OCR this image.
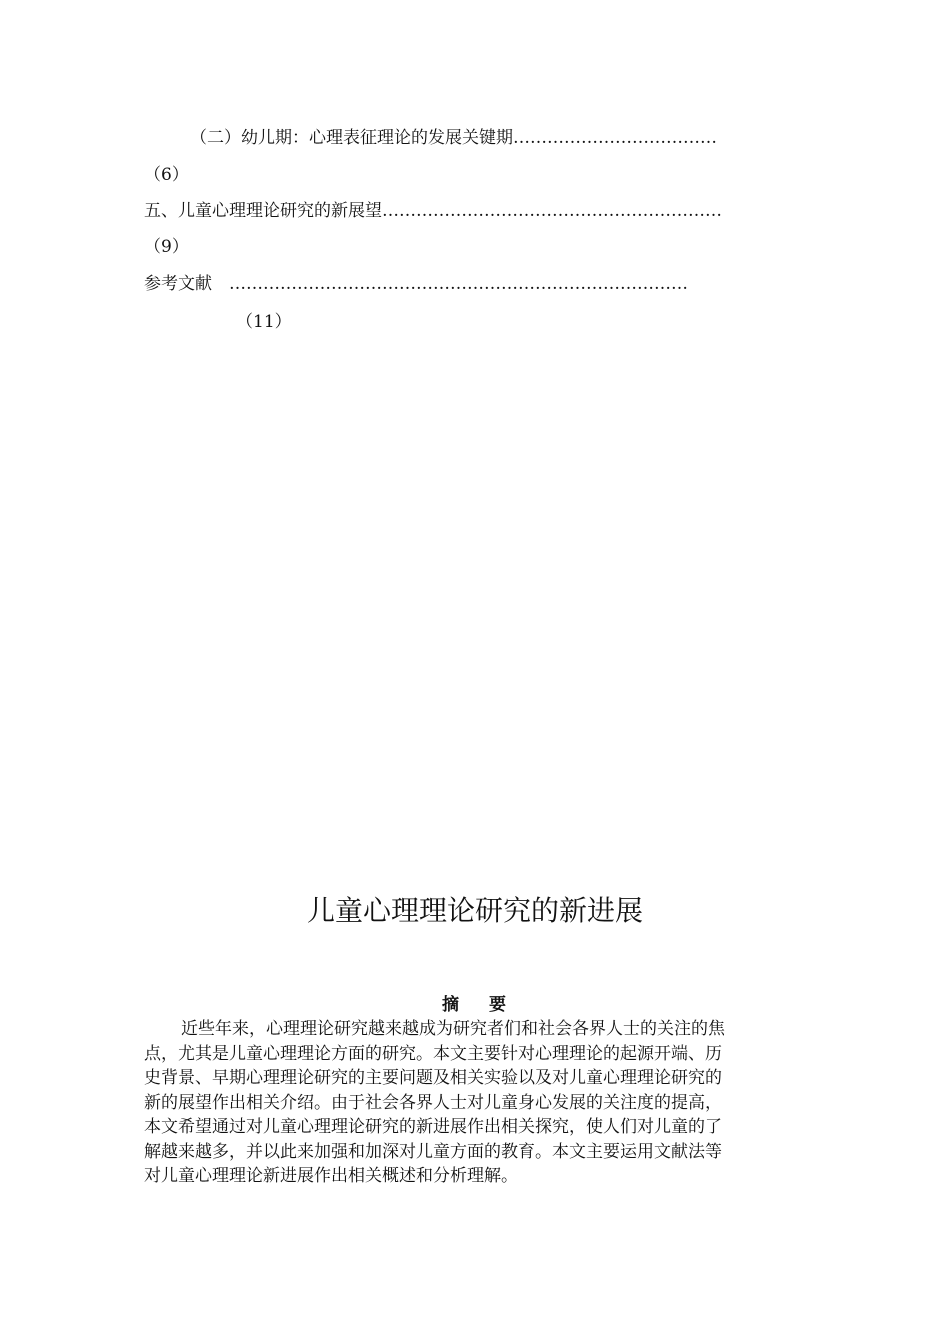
（二）幼儿期：心理表征理论的发展关键期………………………………
（6）
五、儿童心理理论研究的新展望……………………………………………………
（9）
参考文献　………………………………………………………………………
（11）
儿童心理理论研究的新进展
摘 要
近些年来，心理理论研究越来越成为研究者们和社会各界人士的关注的焦
点，尤其是儿童心理理论方面的研究。本文主要针对心理理论的起源开端、历
史背景、早期心理理论研究的主要问题及相关实验以及对儿童心理理论研究的
新的展望作出相关介绍。由于社会各界人士对儿童身心发展的关注度的提高，
本文希望通过对儿童心理理论研究的新进展作出相关探究，使人们对儿童的了
解越来越多，并以此来加强和加深对儿童方面的教育。本文主要运用文献法等
对儿童心理理论新进展作出相关概述和分析理解。
